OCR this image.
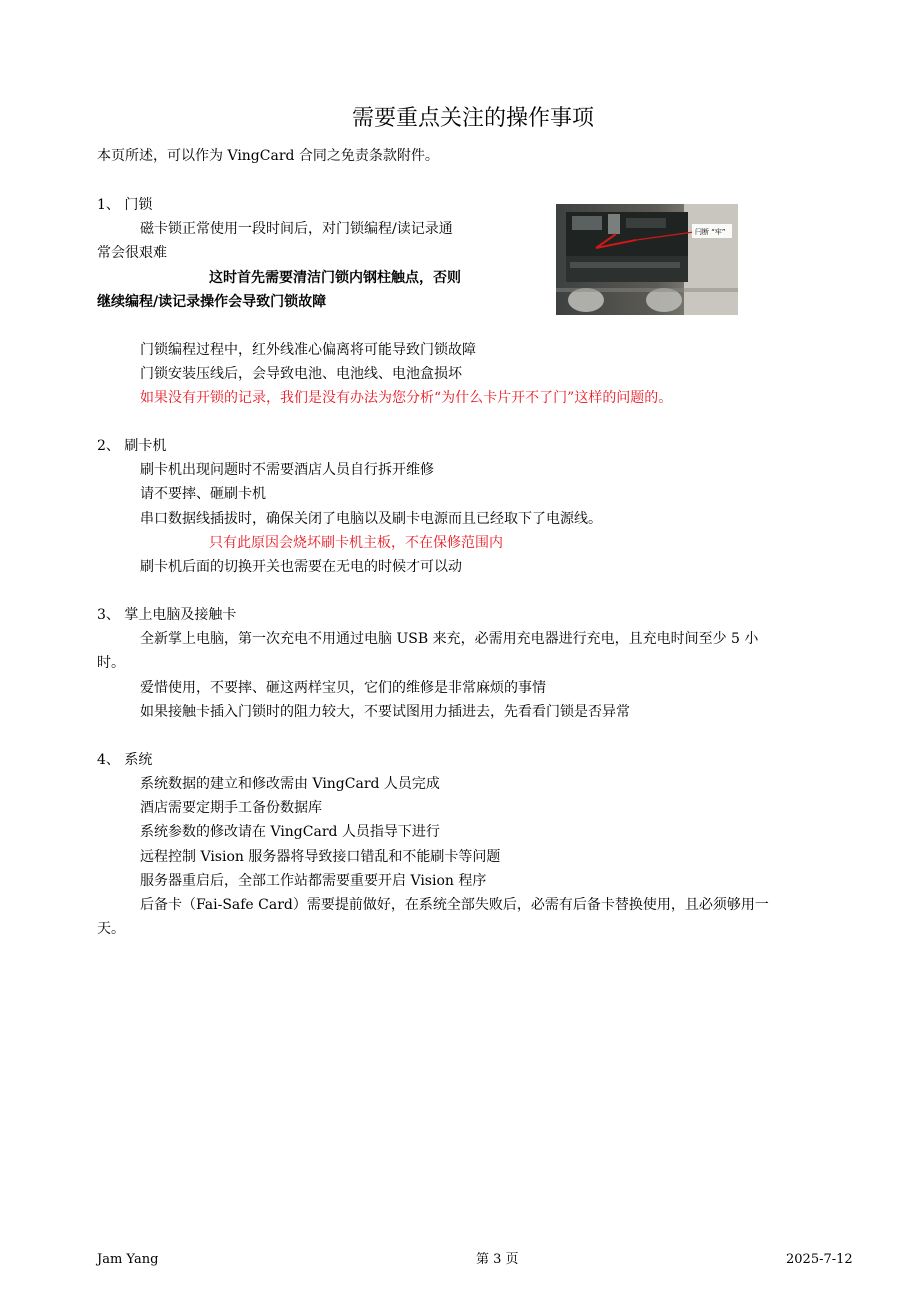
需要重点关注的操作事项
本页所述，可以作为 VingCard 合同之免责条款附件。
1、 门锁
磁卡锁正常使用一段时间后，对门锁编程/读记录通
常会很艰难
这时首先需要清洁门锁内钢柱触点，否则
继续编程/读记录操作会导致门锁故障
门锁编程过程中，红外线准心偏离将可能导致门锁故障
门锁安装压线后，会导致电池、电池线、电池盒损坏
如果没有开锁的记录，我们是没有办法为您分析“为什么卡片开不了门”这样的问题的。
闩断 “牢”
2、 刷卡机
刷卡机出现问题时不需要酒店人员自行拆开维修
请不要摔、砸刷卡机
串口数据线插拔时，确保关闭了电脑以及刷卡电源而且已经取下了电源线。
只有此原因会烧坏刷卡机主板，不在保修范围内
刷卡机后面的切换开关也需要在无电的时候才可以动
3、 掌上电脑及接触卡
全新掌上电脑，第一次充电不用通过电脑 USB 来充，必需用充电器进行充电，且充电时间至少 5 小
时。
爱惜使用，不要摔、砸这两样宝贝，它们的维修是非常麻烦的事情
如果接触卡插入门锁时的阻力较大，不要试图用力插进去，先看看门锁是否异常
4、 系统
系统数据的建立和修改需由 VingCard 人员完成
酒店需要定期手工备份数据库
系统参数的修改请在 VingCard 人员指导下进行
远程控制 Vision 服务器将导致接口错乱和不能刷卡等问题
服务器重启后，全部工作站都需要重要开启 Vision 程序
后备卡（Fai-Safe Card）需要提前做好，在系统全部失败后，必需有后备卡替换使用，且必须够用一
天。
Jam Yang	第 3 页	2025-7-12
